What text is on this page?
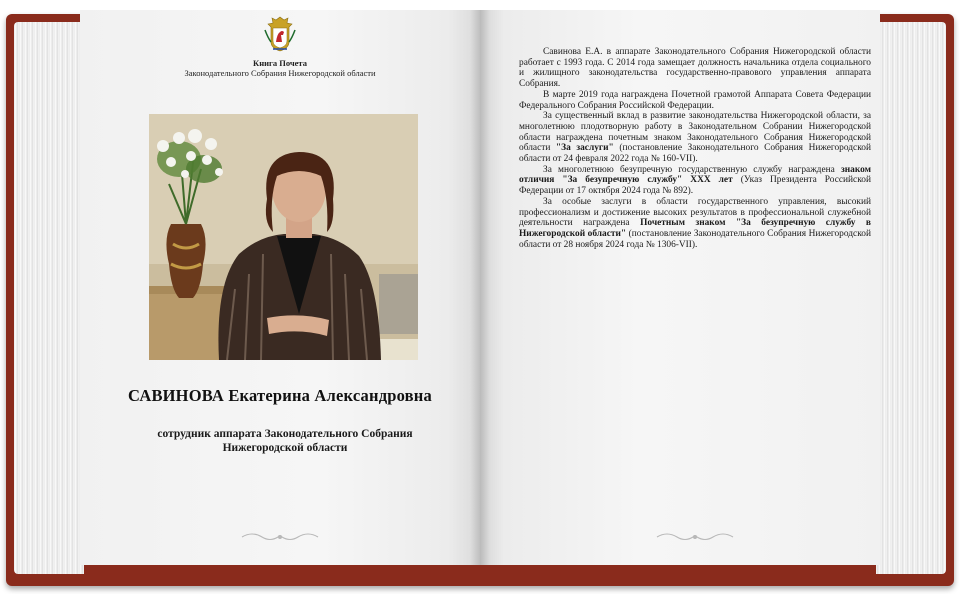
Книга Почета
Законодательного Собрания Нижегородской области
САВИНОВА Екатерина Александровна
сотрудник аппарата Законодательного Собрания Нижегородской области

Савинова Е.А. в аппарате Законодательного Собрания Нижегородской области работает с 1993 года. С 2014 года замещает должность начальника отдела социального и жилищного законодательства государственно-правового управления аппарата Собрания.

В марте 2019 года награждена Почетной грамотой Аппарата Совета Федерации Федерального Собрания Российской Федерации.

За существенный вклад в развитие законодательства Нижегородской области, за многолетнюю плодотворную работу в Законодательном Собрании Нижегородской области награждена почетным знаком Законодательного Собрания Нижегородской области "За заслуги" (постановление Законодательного Собрания Нижегородской области от 24 февраля 2022 года № 160-VII).

За многолетнюю безупречную государственную службу награждена знаком отличия "За безупречную службу" XXX лет (Указ Президента Российской Федерации от 17 октября 2024 года № 892).

За особые заслуги в области государственного управления, высокий профессионализм и достижение высоких результатов в профессиональной служебной деятельности награждена Почетным знаком "За безупречную службу в Нижегородской области" (постановление Законодательного Собрания Нижегородской области от 28 ноября 2024 года № 1306-VII).
